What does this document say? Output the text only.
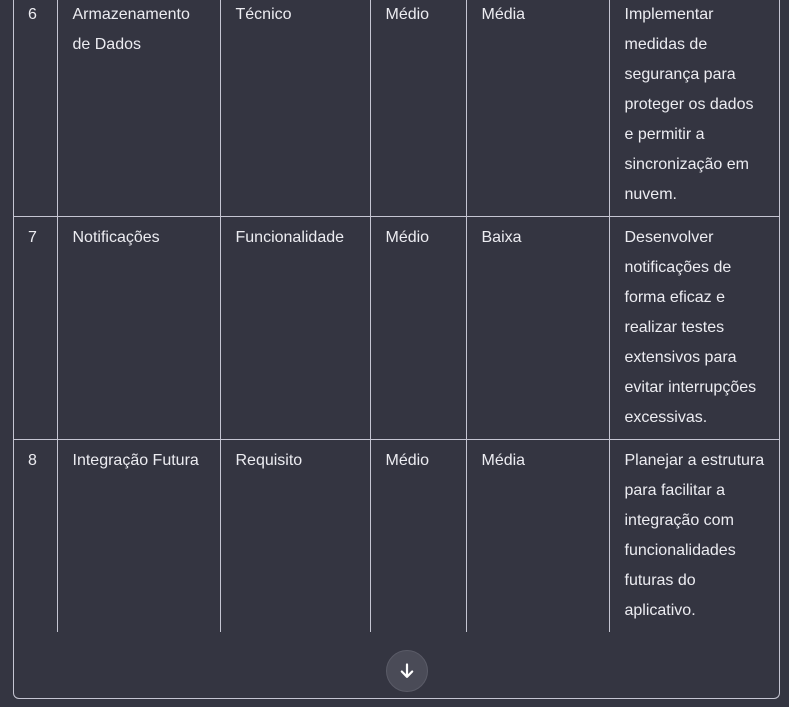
6	Armazenamento de Dados	Técnico	Médio	Média	Implementar medidas de segurança para proteger os dados e permitir a sincronização em nuvem.
7	Notificações	Funcionalidade	Médio	Baixa	Desenvolver notificações de forma eficaz e realizar testes extensivos para evitar interrupções excessivas.
8	Integração Futura	Requisito	Médio	Média	Planejar a estrutura para facilitar a integração com funcionalidades futuras do aplicativo.
